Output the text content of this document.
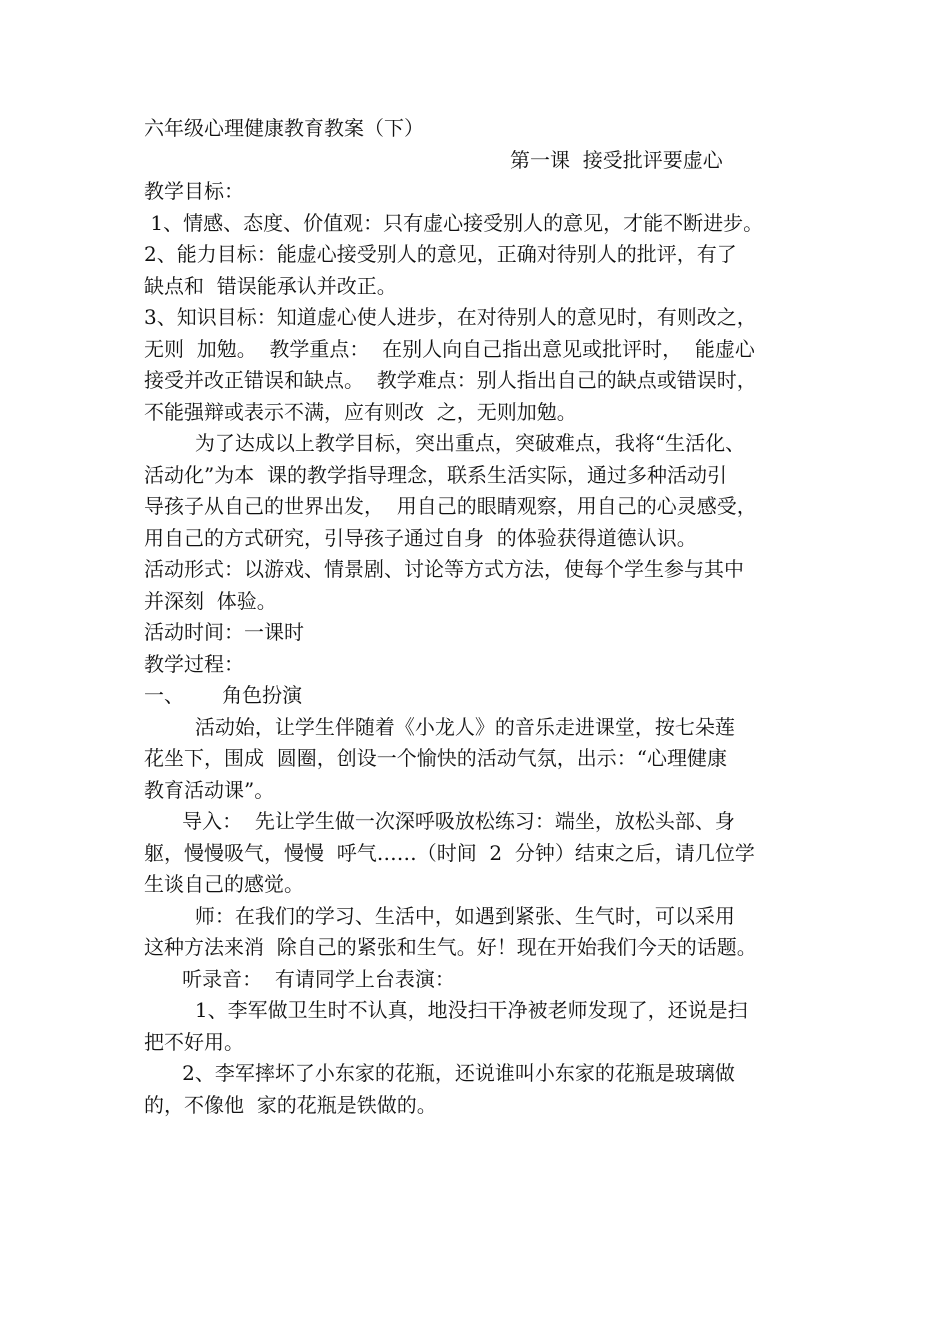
六年级心理健康教育教案（下）
第一课  接受批评要虚心
教学目标：
1、情感、态度、价值观：只有虚心接受别人的意见，才能不断进步。
2、能力目标：能虚心接受别人的意见，正确对待别人的批评，有了
缺点和  错误能承认并改正。
3、知识目标：知道虚心使人进步，在对待别人的意见时，有则改之，
无则  加勉。  教学重点：  在别人向自己指出意见或批评时，  能虚心
接受并改正错误和缺点。  教学难点：别人指出自己的缺点或错误时，
不能强辩或表示不满，应有则改  之，无则加勉。
为了达成以上教学目标，突出重点，突破难点，我将“生活化、
活动化”为本  课的教学指导理念，联系生活实际，通过多种活动引
导孩子从自己的世界出发，  用自己的眼睛观察，用自己的心灵感受，
用自己的方式研究，引导孩子通过自身  的体验获得道德认识。
活动形式：以游戏、情景剧、讨论等方式方法，使每个学生参与其中
并深刻  体验。
活动时间：一课时
教学过程：
一、      角色扮演
活动始，让学生伴随着《小龙人》的音乐走进课堂，按七朵莲
花坐下，围成  圆圈，创设一个愉快的活动气氛，出示：“心理健康
教育活动课”。
导入：  先让学生做一次深呼吸放松练习：端坐，放松头部、身
躯，慢慢吸气，慢慢  呼气……（时间  2  分钟）结束之后，请几位学
生谈自己的感觉。
师：在我们的学习、生活中，如遇到紧张、生气时，可以采用
这种方法来消  除自己的紧张和生气。好！现在开始我们今天的话题。
听录音：  有请同学上台表演：
1、李军做卫生时不认真，地没扫干净被老师发现了，还说是扫
把不好用。
2、李军摔坏了小东家的花瓶，还说谁叫小东家的花瓶是玻璃做
的，不像他  家的花瓶是铁做的。
